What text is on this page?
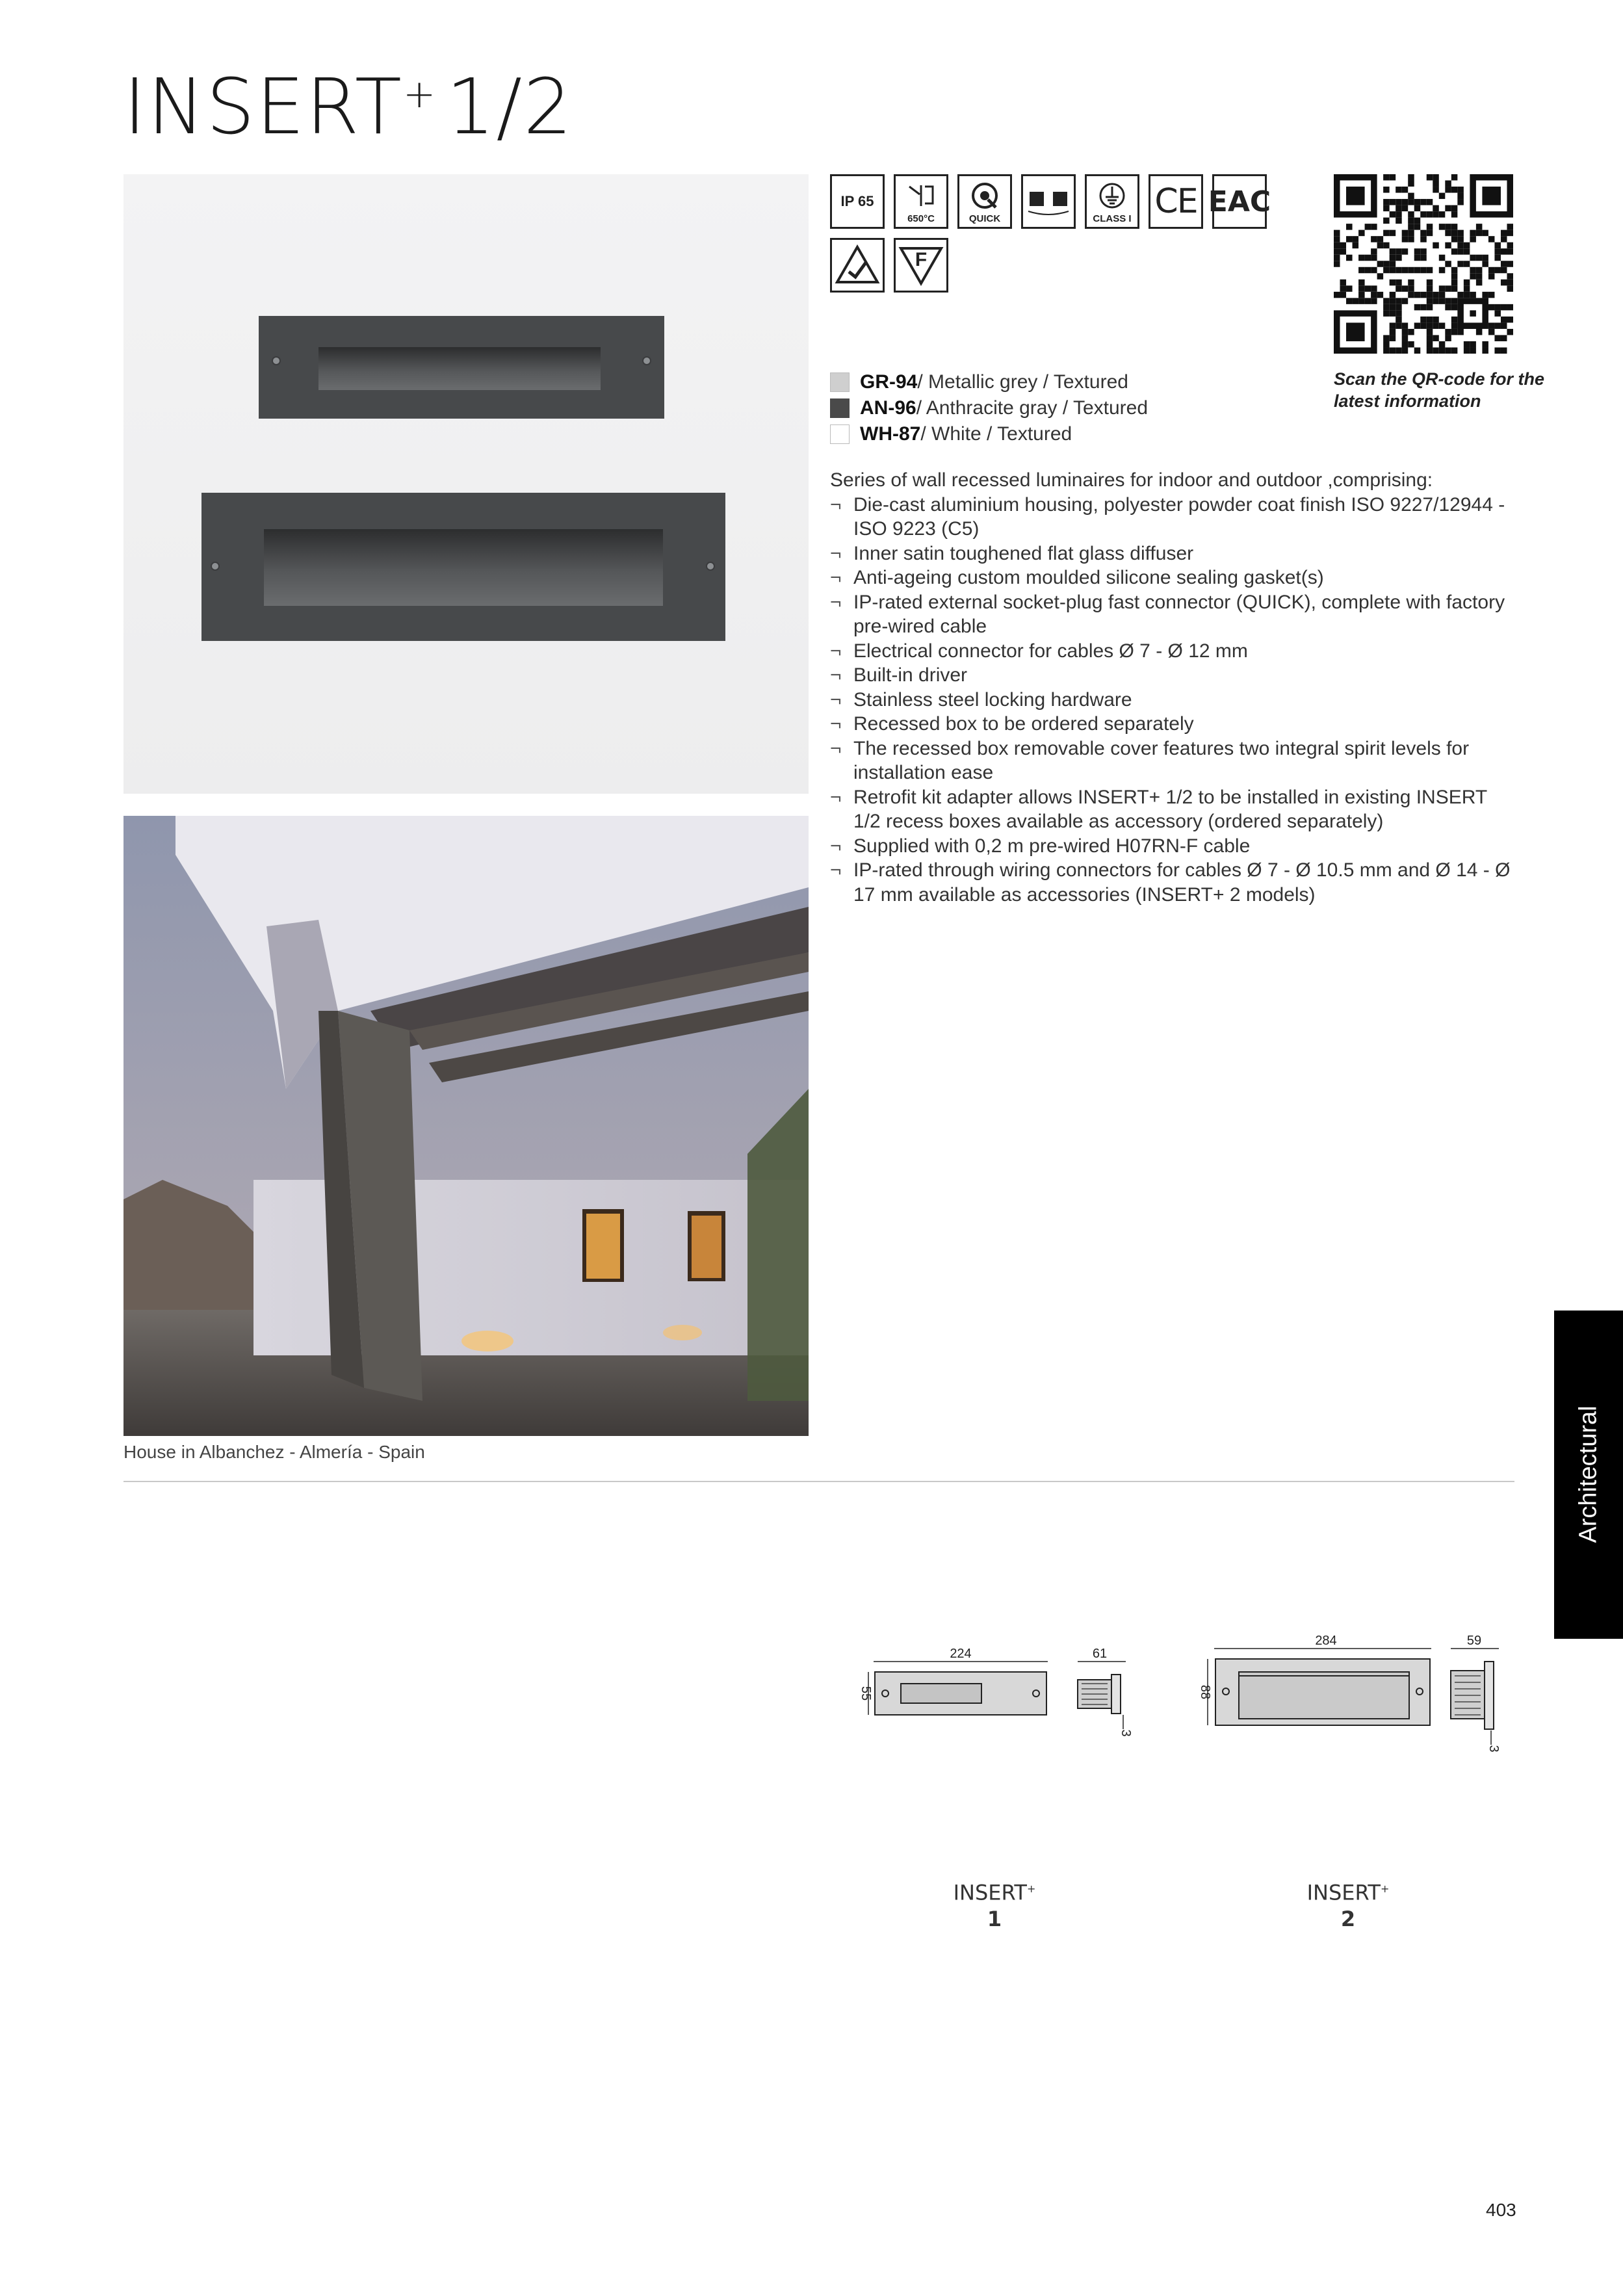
INSERT+ 1/2
House in Albanchez - Almería - Spain
IP 65
650°C	QUICK	CLASS I CE EAC
F
Scan the QR-code for the latest information
GR-94 / Metallic grey / Textured
AN-96 / Anthracite gray / Textured
WH-87 / White / Textured
Series of wall recessed luminaires for indoor and outdoor ,comprising:
¬ Die-cast aluminium housing, polyester powder coat finish ISO 9227/12944 - ISO 9223 (C5)
¬ Inner satin toughened flat glass diffuser
¬ Anti-ageing custom moulded silicone sealing gasket(s)
¬ IP-rated external socket-plug fast connector (QUICK), complete with factory pre-wired cable
¬ Electrical connector for cables Ø 7 - Ø 12 mm
¬ Built-in driver
¬ Stainless steel locking hardware
¬ Recessed box to be ordered separately
¬ The recessed box removable cover features two integral spirit levels for installation ease
¬ Retrofit kit adapter allows INSERT+ 1/2 to be installed in existing INSERT 1/2 recess boxes available as accessory (ordered separately)
¬ Supplied with 0,2 m pre-wired H07RN-F cable
¬ IP-rated through wiring connectors for cables Ø 7 - Ø 10.5 mm and Ø 14 - Ø 17 mm available as accessories (INSERT+ 2 models)
Architectural
224
55
61
3
284
88
59
3
INSERT+
1
INSERT+
2
403
